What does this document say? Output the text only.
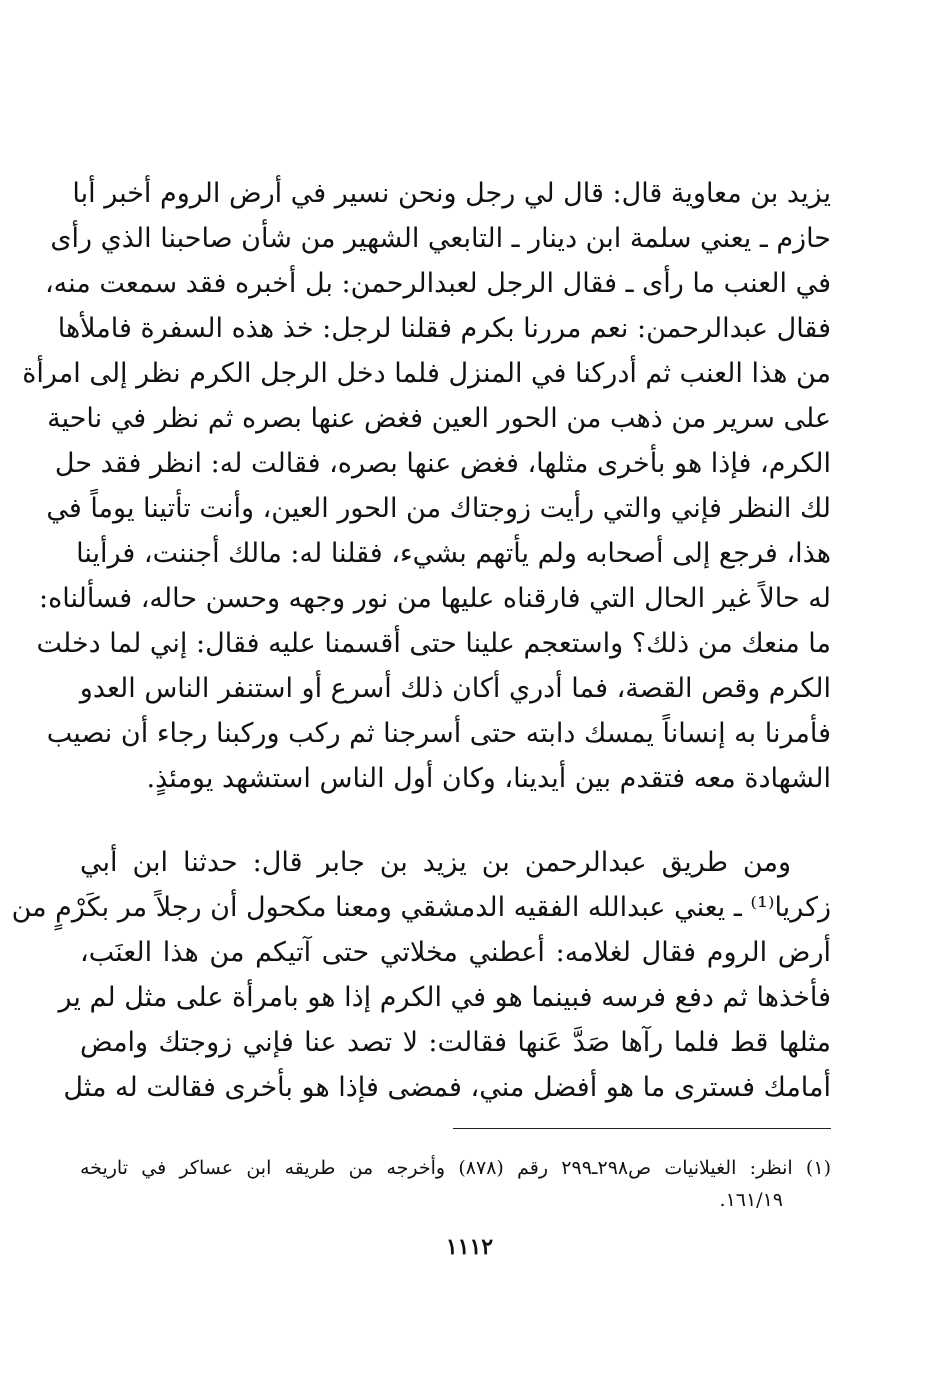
يزيد بن معاوية قال: قال لي رجل ونحن نسير في أرض الروم أخبر أبا
حازم ـ يعني سلمة ابن دينار ـ التابعي الشهير من شأن صاحبنا الذي رأى
في العنب ما رأى ـ فقال الرجل لعبدالرحمن: بل أخبره فقد سمعت منه،
فقال عبدالرحمن: نعم مررنا بكرم فقلنا لرجل: خذ هذه السفرة فاملأها
من هذا العنب ثم أدركنا في المنزل فلما دخل الرجل الكرم نظر إلى امرأة
على سرير من ذهب من الحور العين فغض عنها بصره ثم نظر في ناحية
الكرم، فإذا هو بأخرى مثلها، فغض عنها بصره، فقالت له: انظر فقد حل
لك النظر فإني والتي رأيت زوجتاك من الحور العين، وأنت تأتينا يوماً في
هذا، فرجع إلى أصحابه ولم يأتهم بشيء، فقلنا له: مالك أجننت، فرأينا
له حالاً غير الحال التي فارقناه عليها من نور وجهه وحسن حاله، فسألناه:
ما منعك من ذلك؟ واستعجم علينا حتى أقسمنا عليه فقال: إني لما دخلت
الكرم وقص القصة، فما أدري أكان ذلك أسرع أو استنفر الناس العدو
فأمرنا به إنساناً يمسك دابته حتى أسرجنا ثم ركب وركبنا رجاء أن نصيب
الشهادة معه فتقدم بين أيدينا، وكان أول الناس استشهد يومئذٍ.
ومن طريق عبدالرحمن بن يزيد بن جابر قال: حدثنا ابن أبي
زكريا⁽¹⁾ ـ يعني عبدالله الفقيه الدمشقي ومعنا مكحول أن رجلاً مر بكَرْمٍ من
أرض الروم فقال لغلامه: أعطني مخلاتي حتى آتيكم من هذا العنَب،
فأخذها ثم دفع فرسه فبينما هو في الكرم إذا هو بامرأة على مثل لم ير
مثلها قط فلما رآها صَدَّ عَنها فقالت: لا تصد عنا فإني زوجتك وامض
أمامك فسترى ما هو أفضل مني، فمضى فإذا هو بأخرى فقالت له مثل
(١) انظر: الغيلانيات ص٢٩٨ـ٢٩٩ رقم (٨٧٨) وأخرجه من طريقه ابن عساكر في تاريخه
١٦١/١٩.
١١١٢
